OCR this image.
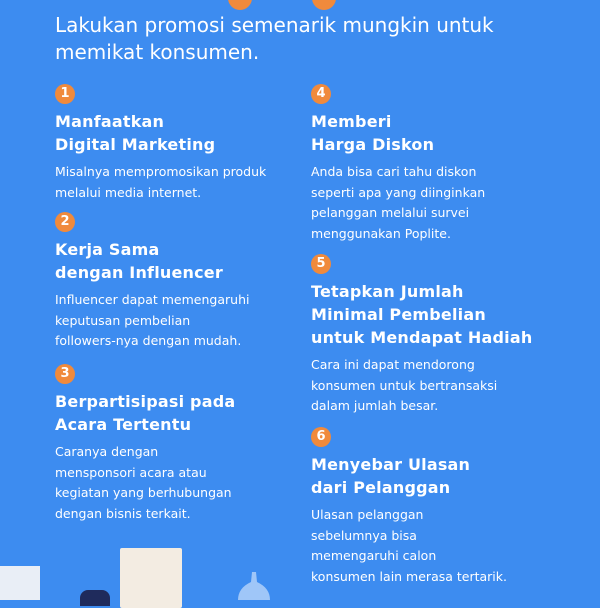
Lakukan promosi semenarik mungkin untuk
memikat konsumen.
1
Manfaatkan
Digital Marketing
Misalnya mempromosikan produk
melalui media internet.
2
Kerja Sama
dengan Influencer
Influencer dapat memengaruhi
keputusan pembelian
followers-nya dengan mudah.
3
Berpartisipasi pada
Acara Tertentu
Caranya dengan
mensponsori acara atau
kegiatan yang berhubungan
dengan bisnis terkait.
4
Memberi
Harga Diskon
Anda bisa cari tahu diskon
seperti apa yang diinginkan
pelanggan melalui survei
menggunakan Poplite.
5
Tetapkan Jumlah
Minimal Pembelian
untuk Mendapat Hadiah
Cara ini dapat mendorong
konsumen untuk bertransaksi
dalam jumlah besar.
6
Menyebar Ulasan
dari Pelanggan
Ulasan pelanggan
sebelumnya bisa
memengaruhi calon
konsumen lain merasa tertarik.
